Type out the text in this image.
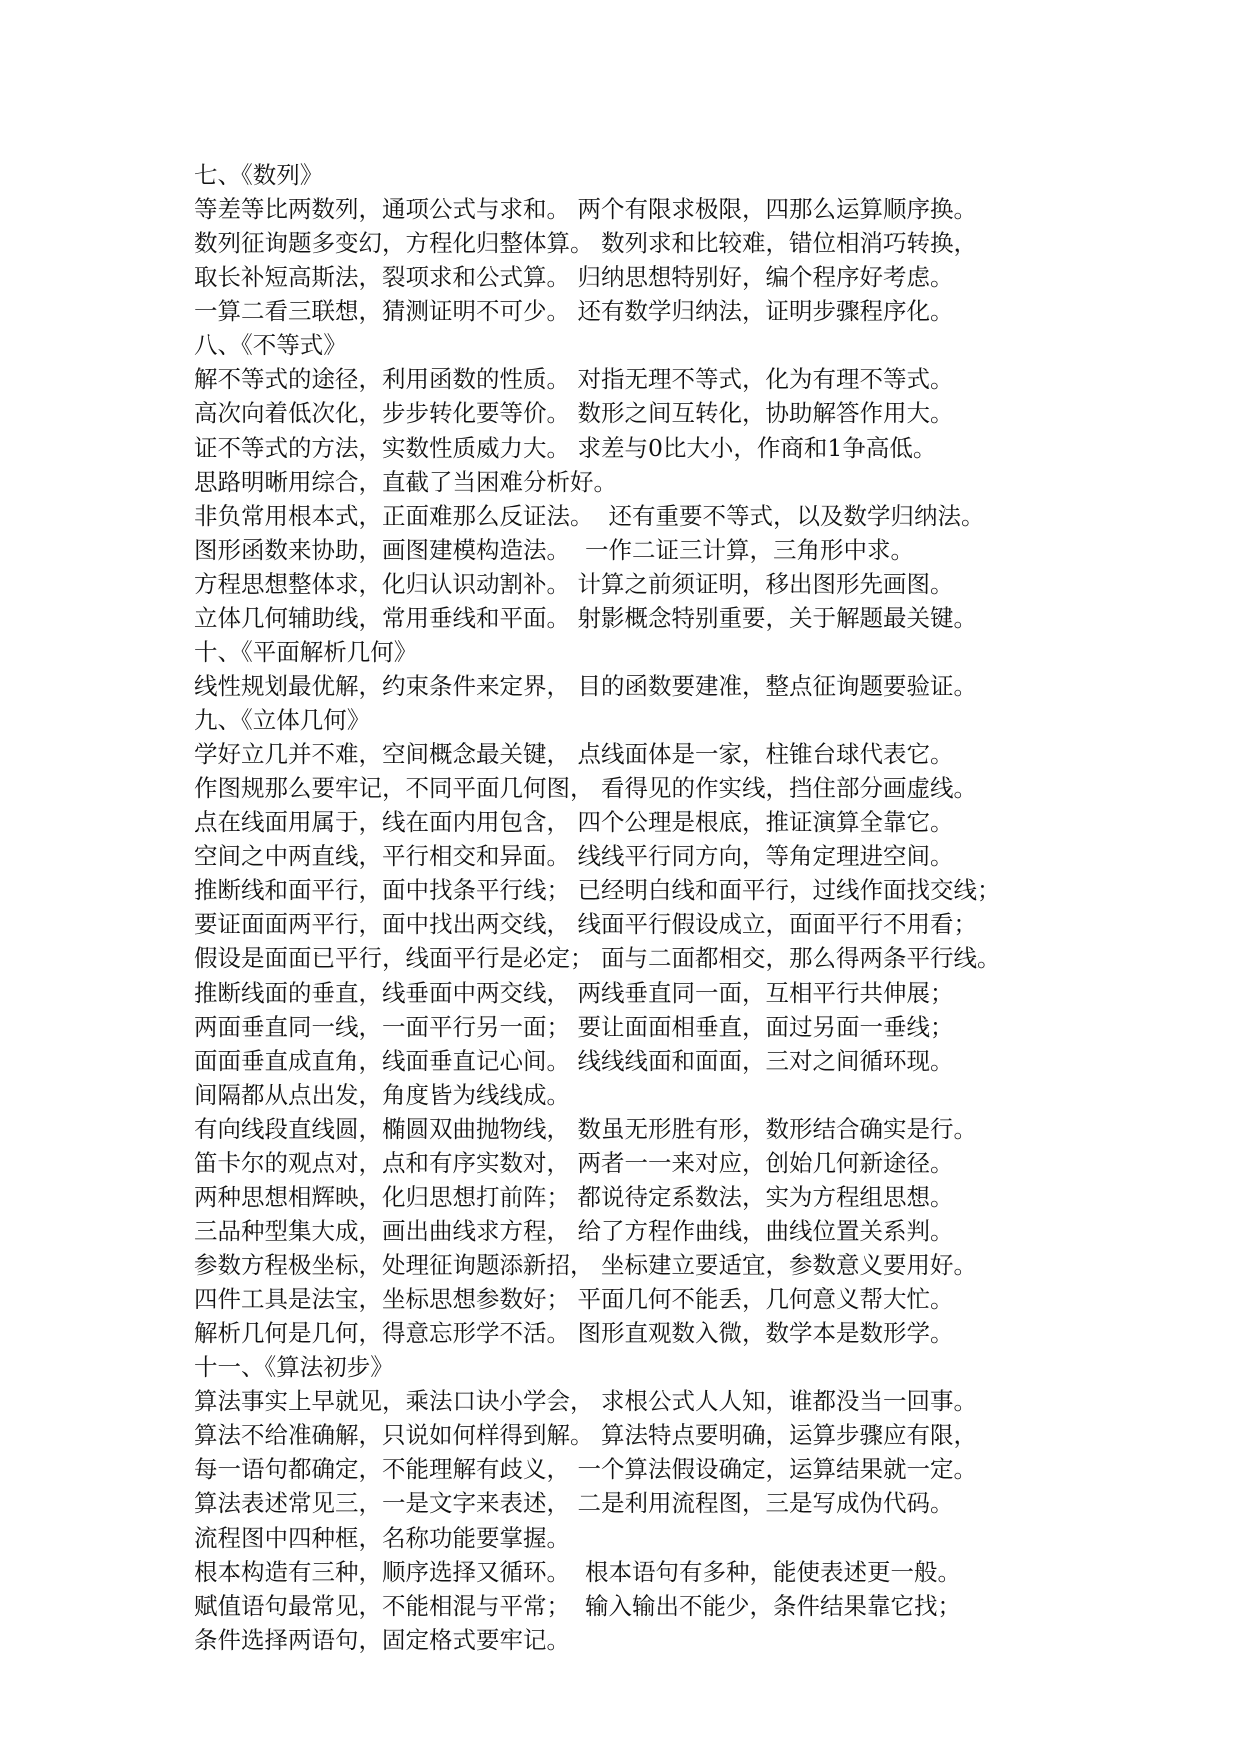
七、《数列》
等差等比两数列，通项公式与求和。 两个有限求极限，四那么运算顺序换。
数列征询题多变幻，方程化归整体算。 数列求和比较难，错位相消巧转换，
取长补短高斯法，裂项求和公式算。 归纳思想特别好，编个程序好考虑。
一算二看三联想，猜测证明不可少。 还有数学归纳法，证明步骤程序化。
八、《不等式》
解不等式的途径，利用函数的性质。 对指无理不等式，化为有理不等式。
高次向着低次化，步步转化要等价。 数形之间互转化，协助解答作用大。
证不等式的方法，实数性质威力大。 求差与0比大小，作商和1争高低。
思路明晰用综合，直截了当困难分析好。
非负常用根本式，正面难那么反证法。  还有重要不等式，以及数学归纳法。
图形函数来协助，画图建模构造法。  一作二证三计算，三角形中求。
方程思想整体求，化归认识动割补。 计算之前须证明，移出图形先画图。
立体几何辅助线，常用垂线和平面。 射影概念特别重要，关于解题最关键。
十、《平面解析几何》
线性规划最优解，约束条件来定界， 目的函数要建准，整点征询题要验证。
九、《立体几何》
学好立几并不难，空间概念最关键， 点线面体是一家，柱锥台球代表它。
作图规那么要牢记，不同平面几何图， 看得见的作实线，挡住部分画虚线。
点在线面用属于，线在面内用包含， 四个公理是根底，推证演算全靠它。
空间之中两直线，平行相交和异面。 线线平行同方向，等角定理进空间。
推断线和面平行，面中找条平行线； 已经明白线和面平行，过线作面找交线；
要证面面两平行，面中找出两交线， 线面平行假设成立，面面平行不用看；
假设是面面已平行，线面平行是必定； 面与二面都相交，那么得两条平行线。
推断线面的垂直，线垂面中两交线， 两线垂直同一面，互相平行共伸展；
两面垂直同一线，一面平行另一面； 要让面面相垂直，面过另面一垂线；
面面垂直成直角，线面垂直记心间。 线线线面和面面，三对之间循环现。
间隔都从点出发，角度皆为线线成。
有向线段直线圆，椭圆双曲抛物线， 数虽无形胜有形，数形结合确实是行。
笛卡尔的观点对，点和有序实数对， 两者一一来对应，创始几何新途径。
两种思想相辉映，化归思想打前阵； 都说待定系数法，实为方程组思想。
三品种型集大成，画出曲线求方程， 给了方程作曲线，曲线位置关系判。
参数方程极坐标，处理征询题添新招， 坐标建立要适宜，参数意义要用好。
四件工具是法宝，坐标思想参数好； 平面几何不能丢，几何意义帮大忙。
解析几何是几何，得意忘形学不活。 图形直观数入微，数学本是数形学。
十一、《算法初步》
算法事实上早就见，乘法口诀小学会， 求根公式人人知，谁都没当一回事。
算法不给准确解，只说如何样得到解。 算法特点要明确，运算步骤应有限，
每一语句都确定，不能理解有歧义， 一个算法假设确定，运算结果就一定。
算法表述常见三，一是文字来表述， 二是利用流程图，三是写成伪代码。
流程图中四种框，名称功能要掌握。
根本构造有三种，顺序选择又循环。  根本语句有多种，能使表述更一般。
赋值语句最常见，不能相混与平常；  输入输出不能少，条件结果靠它找；
条件选择两语句，固定格式要牢记。
